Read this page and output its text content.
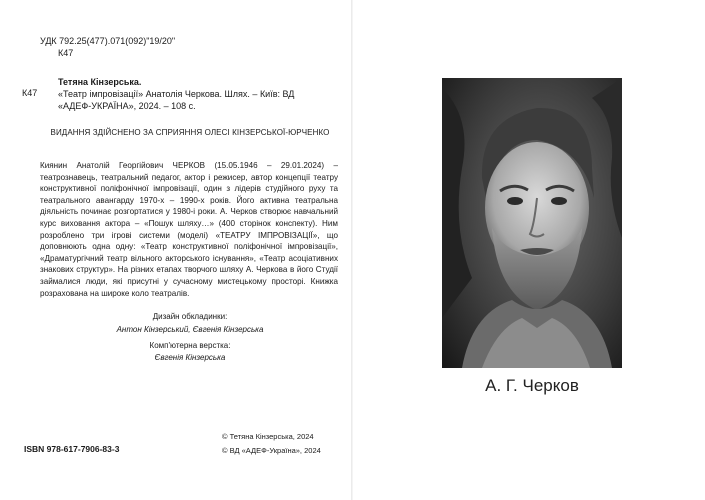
УДК 792.25(477).071(092)"19/20"
К47
К47
Тетяна Кінзерська.
«Театр імпровізації» Анатолія Черкова. Шлях. – Київ: ВД «АДЕФ-УКРАЇНА», 2024. – 108 с.
ВИДАННЯ ЗДІЙСНЕНО ЗА СПРИЯННЯ ОЛЕСІ КІНЗЕРСЬКОЇ-ЮРЧЕНКО
Киянин Анатолій Георгійович ЧЕРКОВ (15.05.1946 – 29.01.2024) – театрознавець, театральний педагог, актор і режисер, автор концепції театру конструктивної поліфонічної імпровізації, один з лідерів студійного руху та театрального авангарду 1970-х – 1990-х років. Його активна театральна діяльність починає розгортатися у 1980-і роки. А. Черков створює навчальний курс виховання актора – «Пошук шляху…» (400 сторінок конспекту). Ним розроблено три ігрові системи (моделі) «ТЕАТРУ ІМПРОВІЗАЦІЇ», що доповнюють одна одну: «Театр конструктивної поліфонічної імпровізації», «Драматургічний театр вільного акторського існування», «Театр асоціативних знакових структур». На різних етапах творчого шляху А. Черкова в його Студії займалися люди, які присутні у сучасному мистецькому просторі. Книжка розрахована на широке коло театралів.
Дизайн обкладинки:
Антон Кінзерський, Євгенія Кінзерська
Комп'ютерна верстка:
Євгенія Кінзерська
ISBN 978-617-7906-83-3
© Тетяна Кінзерська, 2024
© ВД «АДЕФ-Україна», 2024
А. Г. Черков
